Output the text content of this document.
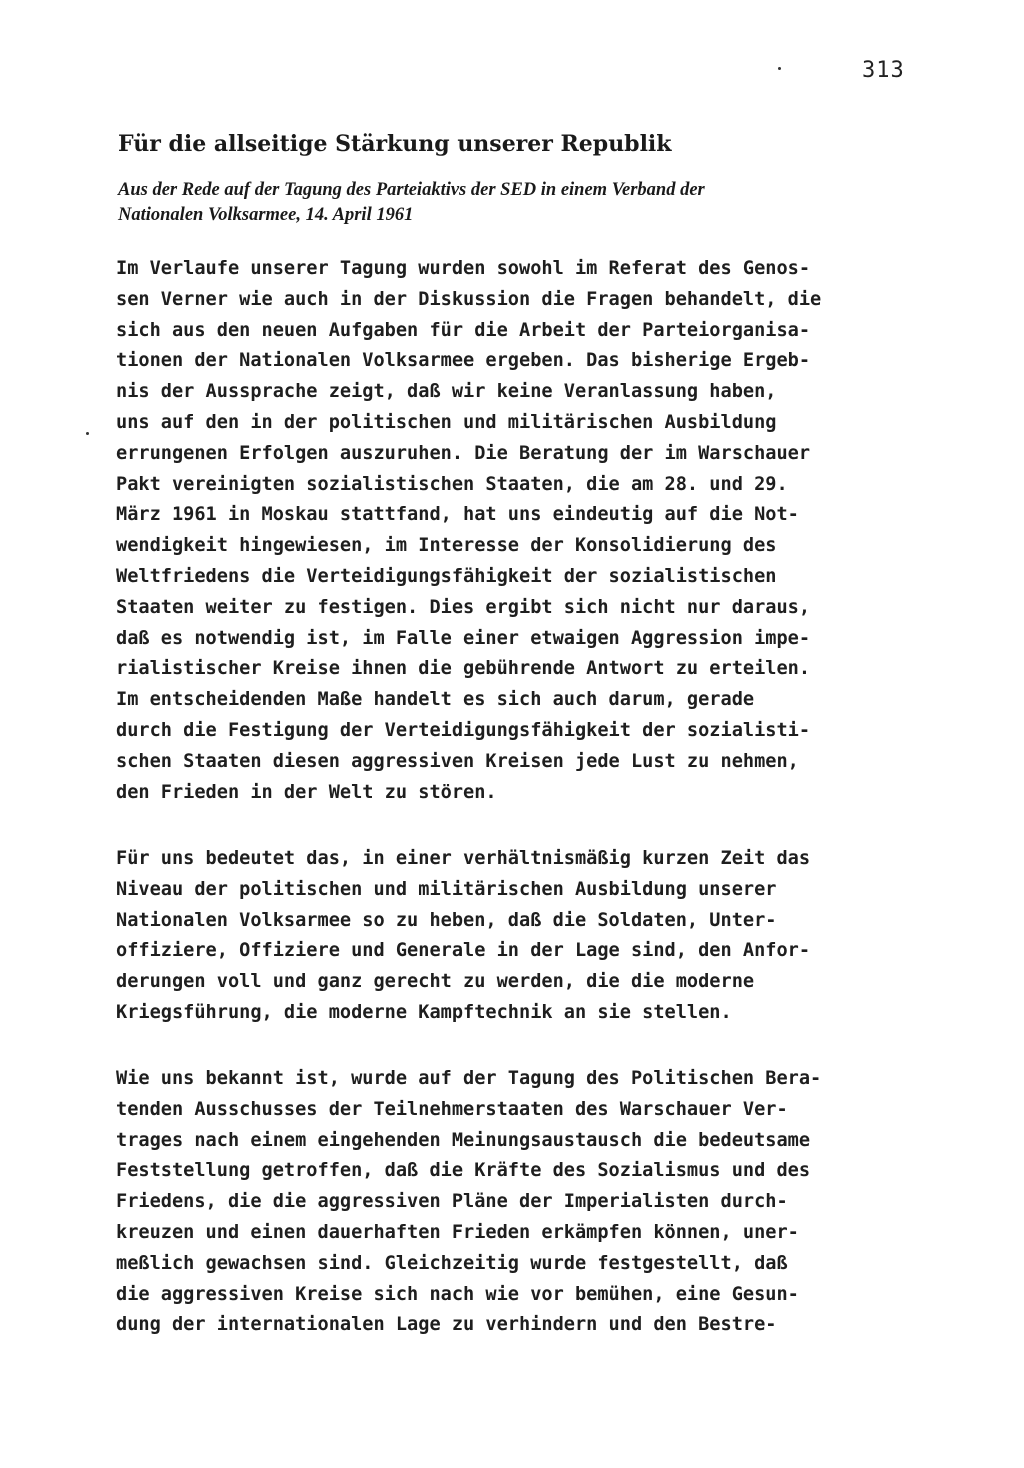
313
Für die allseitige Stärkung unserer Republik
Aus der Rede auf der Tagung des Parteiaktivs der SED in einem Verband der
Nationalen Volksarmee, 14. April 1961
Im Verlaufe unserer Tagung wurden sowohl im Referat des Genos-
sen Verner wie auch in der Diskussion die Fragen behandelt, die
sich aus den neuen Aufgaben für die Arbeit der Parteiorganisa-
tionen der Nationalen Volksarmee ergeben. Das bisherige Ergeb-
nis der Aussprache zeigt, daß wir keine Veranlassung haben,
uns auf den in der politischen und militärischen Ausbildung
errungenen Erfolgen auszuruhen. Die Beratung der im Warschauer
Pakt vereinigten sozialistischen Staaten, die am 28. und 29.
März 1961 in Moskau stattfand, hat uns eindeutig auf die Not-
wendigkeit hingewiesen, im Interesse der Konsolidierung des
Weltfriedens die Verteidigungsfähigkeit der sozialistischen
Staaten weiter zu festigen. Dies ergibt sich nicht nur daraus,
daß es notwendig ist, im Falle einer etwaigen Aggression impe-
rialistischer Kreise ihnen die gebührende Antwort zu erteilen.
Im entscheidenden Maße handelt es sich auch darum, gerade
durch die Festigung der Verteidigungsfähigkeit der sozialisti-
schen Staaten diesen aggressiven Kreisen jede Lust zu nehmen,
den Frieden in der Welt zu stören.
Für uns bedeutet das, in einer verhältnismäßig kurzen Zeit das
Niveau der politischen und militärischen Ausbildung unserer
Nationalen Volksarmee so zu heben, daß die Soldaten, Unter-
offiziere, Offiziere und Generale in der Lage sind, den Anfor-
derungen voll und ganz gerecht zu werden, die die moderne
Kriegsführung, die moderne Kampftechnik an sie stellen.
Wie uns bekannt ist, wurde auf der Tagung des Politischen Bera-
tenden Ausschusses der Teilnehmerstaaten des Warschauer Ver-
trages nach einem eingehenden Meinungsaustausch die bedeutsame
Feststellung getroffen, daß die Kräfte des Sozialismus und des
Friedens, die die aggressiven Pläne der Imperialisten durch-
kreuzen und einen dauerhaften Frieden erkämpfen können, uner-
meßlich gewachsen sind. Gleichzeitig wurde festgestellt, daß
die aggressiven Kreise sich nach wie vor bemühen, eine Gesun-
dung der internationalen Lage zu verhindern und den Bestre-
